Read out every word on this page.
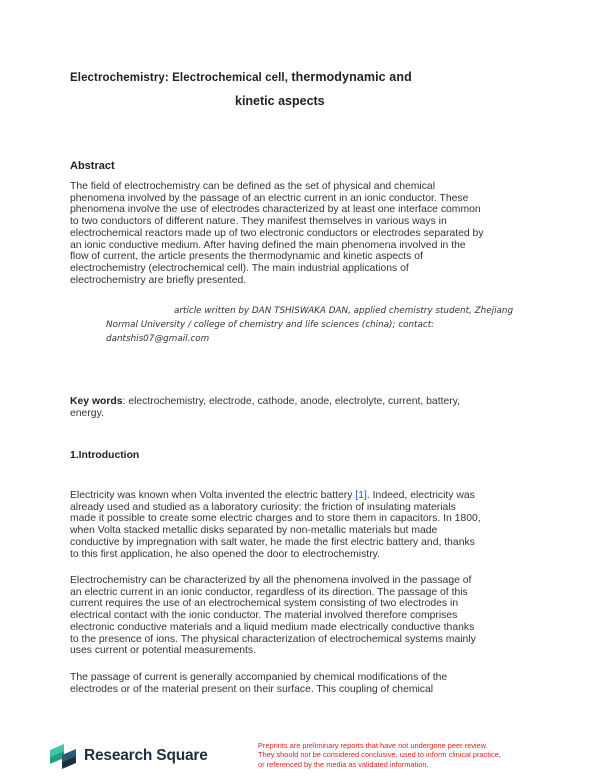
Electrochemistry: Electrochemical cell, thermodynamic and
kinetic aspects
Abstract
The field of electrochemistry can be defined as the set of physical and chemical
phenomena involved by the passage of an electric current in an ionic conductor. These
phenomena involve the use of electrodes characterized by at least one interface common
to two conductors of different nature. They manifest themselves in various ways in
electrochemical reactors made up of two electronic conductors or electrodes separated by
an ionic conductive medium. After having defined the main phenomena involved in the
flow of current, the article presents the thermodynamic and kinetic aspects of
electrochemistry (electrochemical cell). The main industrial applications of
electrochemistry are briefly presented.
article written by DAN TSHISWAKA DAN, applied chemistry student, Zhejiang
Normal University / college of chemistry and life sciences (china); contact:
dantshis07@gmail.com
Key words: electrochemistry, electrode, cathode, anode, electrolyte, current, battery,
energy.
1.Introduction
Electricity was known when Volta invented the electric battery [1]. Indeed, electricity was
already used and studied as a laboratory curiosity: the friction of insulating materials
made it possible to create some electric charges and to store them in capacitors. In 1800,
when Volta stacked metallic disks separated by non-metallic materials but made
conductive by impregnation with salt water, he made the first electric battery and, thanks
to this first application, he also opened the door to electrochemistry.
Electrochemistry can be characterized by all the phenomena involved in the passage of
an electric current in an ionic conductor, regardless of its direction. The passage of this
current requires the use of an electrochemical system consisting of two electrodes in
electrical contact with the ionic conductor. The material involved therefore comprises
electronic conductive materials and a liquid medium made electrically conductive thanks
to the presence of ions. The physical characterization of electrochemical systems mainly
uses current or potential measurements.
The passage of current is generally accompanied by chemical modifications of the
electrodes or of the material present on their surface. This coupling of chemical
Research Square
Preprints are preliminary reports that have not undergone peer review.
They should not be considered conclusive, used to inform clinical practice,
or referenced by the media as validated information.
